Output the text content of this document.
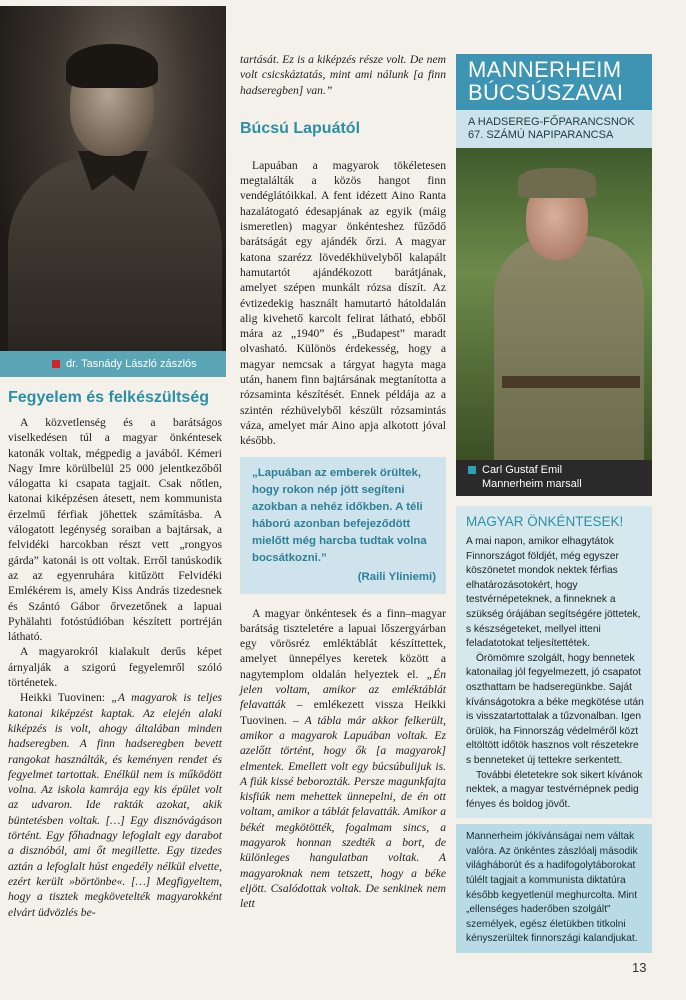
dr. Tasnády László zászlós
Fegyelem és felkészültség

A közvetlenség és a barátságos viselkedésen túl a magyar önkéntesek katonák voltak, mégpedig a javából. Kémeri Nagy Imre körülbelül 25 000 jelentkezőből válogatta ki csapata tagjait. Csak nőtlen, katonai kiképzésen átesett, nem kommunista érzelmű férfiak jöhettek számításba. A válogatott legénység soraiban a bajtársak, a felvidéki harcokban részt vett „rongyos gárda” katonái is ott voltak. Erről tanúskodik az az egyenruhára kitűzött Felvidéki Emlékérem is, amely Kiss András tizedesnek és Szántó Gábor őrvezetőnek a lapuai Pyhälahti fotóstúdióban készített portréján látható.

A magyarokról kialakult derűs képet árnyalják a szigorú fegyelemről szóló történetek.

Heikki Tuovinen: „A magyarok is teljes katonai kiképzést kaptak. Az elején alaki kiképzés is volt, ahogy általában minden hadseregben. A finn hadseregben bevett rangokat használták, és keményen rendet és fegyelmet tartottak. Enélkül nem is működött volna. Az iskola kamrája egy kis épület volt az udvaron. Ide rakták azokat, akik büntetésben voltak. […] Egy disznóvágáson történt. Egy főhadnagy lefoglalt egy darabot a disznóból, ami őt megillette. Egy tizedes aztán a lefoglalt húst engedély nélkül elvette, ezért került »börtönbe«. […] Megfigyeltem, hogy a tisztek megkövetelték magyarokként elvárt üdvözlés be-

tartását. Ez is a kiképzés része volt. De nem volt csicskáztatás, mint ami nálunk [a finn hadseregben] van.”
Búcsú Lapuától

Lapuában a magyarok tökéletesen megtalálták a közös hangot finn vendéglátóikkal. A fent idézett Aino Ranta hazalátogató édesapjának az egyik (máig ismeretlen) magyar önkénteshez fűződő barátságát egy ajándék őrzi. A magyar katona szarézz lövedékhüvelyből kalapált hamutartót ajándékozott barátjának, amelyet szépen munkált rózsa díszít. Az évtizedekig használt hamutartó hátoldalán alig kivehető karcolt felirat látható, ebből mára az „1940” és „Budapest” maradt olvasható. Különös érdekesség, hogy a magyar nemcsak a tárgyat hagyta maga után, hanem finn bajtársának megtanította a rózsaminta készítését. Ennek példája az a szintén rézhüvelyből készült rózsamintás váza, amelyet már Aino apja alkotott jóval később.

„Lapuában az emberek örültek, hogy rokon nép jött segíteni azokban a nehéz időkben. A téli háború azonban befejeződött mielőtt még harcba tudtak volna bocsátkozni.”
(Raili Yliniemi)

A magyar önkéntesek és a finn–magyar barátság tiszteletére a lapuai lőszergyárban egy vörösréz emléktáblát készíttettek, amelyet ünnepélyes keretek között a nagytemplom oldalán helyeztek el. „Én jelen voltam, amikor az emléktáblát felavatták – emlékezett vissza Heikki Tuovinen. – A tábla már akkor felkerült, amikor a magyarok Lapuában voltak. Ez azelőtt történt, hogy ők [a magyarok] elmentek. Emellett volt egy búcsúbulijuk is. A fiúk kissé beborozták. Persze magunkfajta kisfiúk nem mehettek ünnepelni, de én ott voltam, amikor a táblát felavatták. Amikor a békét megkötötték, fogalmam sincs, a magyarok honnan szedték a bort, de különleges hangulatban voltak. A magyaroknak nem tetszett, hogy a béke eljött. Csalódottak voltak. De senkinek nem lett

MANNERHEIM
BÚCSÚSZAVAI
A HADSEREG-FŐPARANCSNOK
67. SZÁMÚ NAPIPARANCSA
Carl Gustaf Emil
Mannerheim marsall
MAGYAR ÖNKÉNTESEK!

A mai napon, amikor elhagytátok Finnországot földjét, még egyszer köszönetet mondok nektek férfias elhatározásotokért, hogy testvérnépeteknek, a finneknek a szükség órájában segítségére jöttetek, s készségeteket, mellyel itteni feladatotokat teljesítettétek.

Örömömre szolgált, hogy bennetek katonailag jól fegyelmezett, jó csapatot oszthattam be hadseregünkbe. Saját kívánságotokra a béke megkötése után is visszatartottalak a tűzvonalban. Igen örülök, ha Finnország védelméről közt eltöltött időtök hasznos volt részetekre s benneteket új tettekre serkentett.

További életetekre sok sikert kívánok nektek, a magyar testvérnépnek pedig fényes és boldog jövőt.

Mannerheim jókívánságai nem váltak valóra. Az önkéntes zászlóalj második világháborút és a hadifogolytáborokat túlélt tagjait a kommunista diktatúra később kegyetlenül meghurcolta. Mint „ellenséges haderőben szolgált” személyek, egész életükben titkolni kényszerültek finnországi kalandjukat.
13
